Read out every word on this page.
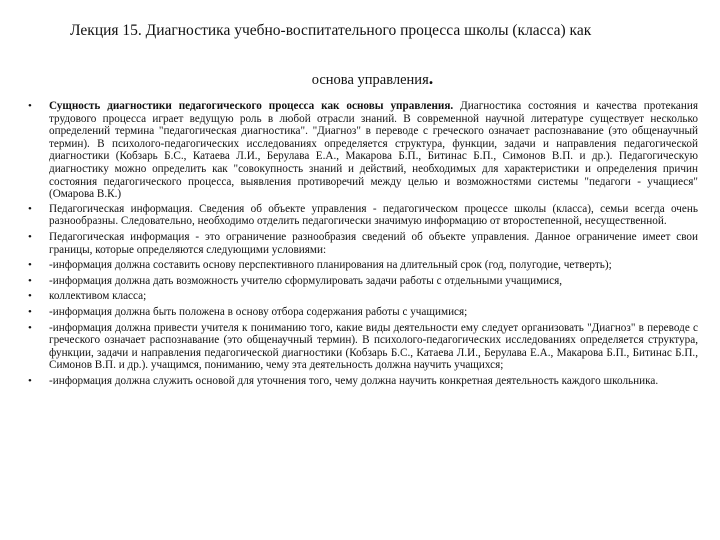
Лекция 15. Диагностика учебно-воспитательного процесса школы (класса) как
основа управления.
• Сущность диагностики педагогического процесса как основы управления. Диагностика состояния и качества протекания трудового процесса играет ведущую роль в любой отрасли знаний. В современной научной литературе существует несколько определений термина "педагогическая диагностика". "Диагноз" в переводе с греческого означает распознавание (это общенаучный термин). В психолого-педагогических исследованиях определяется структура, функции, задачи и направления педагогической диагностики (Кобзарь Б.С., Катаева Л.И., Берулава Е.А., Макарова Б.П., Битинас Б.П., Симонов В.П. и др.). Педагогическую диагностику можно определить как "совокупность знаний и действий, необходимых для характеристики и определения причин состояния педагогического процесса, выявления противоречий между целью и возможностями системы "педагоги - учащиеся" (Омарова В.К.)
• Педагогическая информация. Сведения об объекте управления - педагогическом процессе школы (класса), семьи всегда очень разнообразны. Следовательно, необходимо отделить педагогически значимую информацию от второстепенной, несущественной.
• Педагогическая информация - это ограничение разнообразия сведений об объекте управления. Данное ограничение имеет свои границы, которые определяются следующими условиями:
• -информация должна составить основу перспективного планирования на длительный срок (год, полугодие, четверть);
• -информация должна дать возможность учителю сформулировать задачи работы с отдельными учащимися,
• коллективом класса;
• -информация должна быть положена в основу отбора содержания работы с учащимися;
• -информация должна привести учителя к пониманию того, какие виды деятельности ему следует организовать "Диагноз" в переводе с греческого означает распознавание (это общенаучный термин). В психолого-педагогических исследованиях определяется структура, функции, задачи и направления педагогической диагностики (Кобзарь Б.С., Катаева Л.И., Берулава Е.А., Макарова Б.П., Битинас Б.П., Симонов В.П. и др.). учащимся, пониманию, чему эта деятельность должна научить учащихся;
• -информация должна служить основой для уточнения того, чему должна научить конкретная деятельность каждого школьника.
